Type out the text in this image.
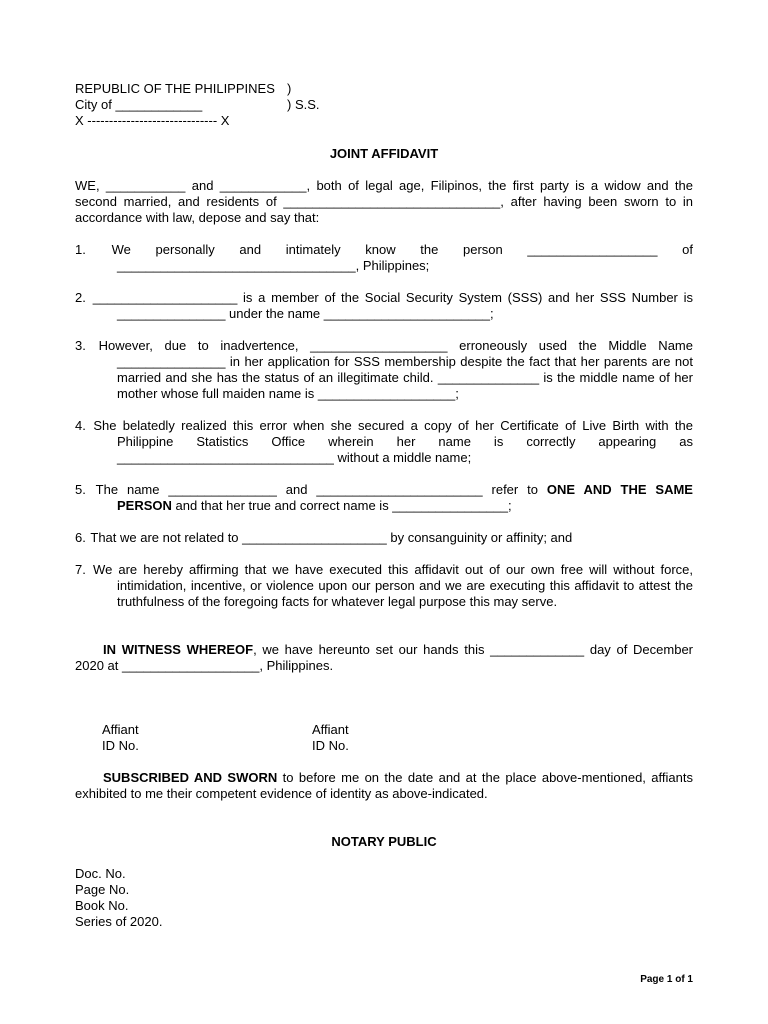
REPUBLIC OF THE PHILIPPINES )
City of ____________	) S.S.
X ------------------------------ X
JOINT AFFIDAVIT
WE, ___________ and ____________, both of legal age, Filipinos, the first party is a widow and the second married, and residents of ______________________________, after having been sworn to in accordance with law, depose and say that:
1. We personally and intimately know the person __________________ of _________________________________, Philippines;
2. ____________________ is a member of the Social Security System (SSS) and her SSS Number is _______________ under the name _______________________;
3. However, due to inadvertence, ___________________ erroneously used the Middle Name _______________ in her application for SSS membership despite the fact that her parents are not married and she has the status of an illegitimate child. ______________ is the middle name of her mother whose full maiden name is ___________________;
4. She belatedly realized this error when she secured a copy of her Certificate of Live Birth with the Philippine Statistics Office wherein her name is correctly appearing as ______________________________ without a middle name;
5. The name _______________ and _______________________ refer to ONE AND THE SAME PERSON and that her true and correct name is ________________;
6. That we are not related to ____________________ by consanguinity or affinity; and
7. We are hereby affirming that we have executed this affidavit out of our own free will without force, intimidation, incentive, or violence upon our person and we are executing this affidavit to attest the truthfulness of the foregoing facts for whatever legal purpose this may serve.
IN WITNESS WHEREOF, we have hereunto set our hands this _____________ day of December 2020 at ___________________, Philippines.
Affiant
ID No.
Affiant
ID No.
SUBSCRIBED AND SWORN to before me on the date and at the place above-mentioned, affiants exhibited to me their competent evidence of identity as above-indicated.
NOTARY PUBLIC
Doc. No.
Page No.
Book No.
Series of 2020.
Page 1 of 1
